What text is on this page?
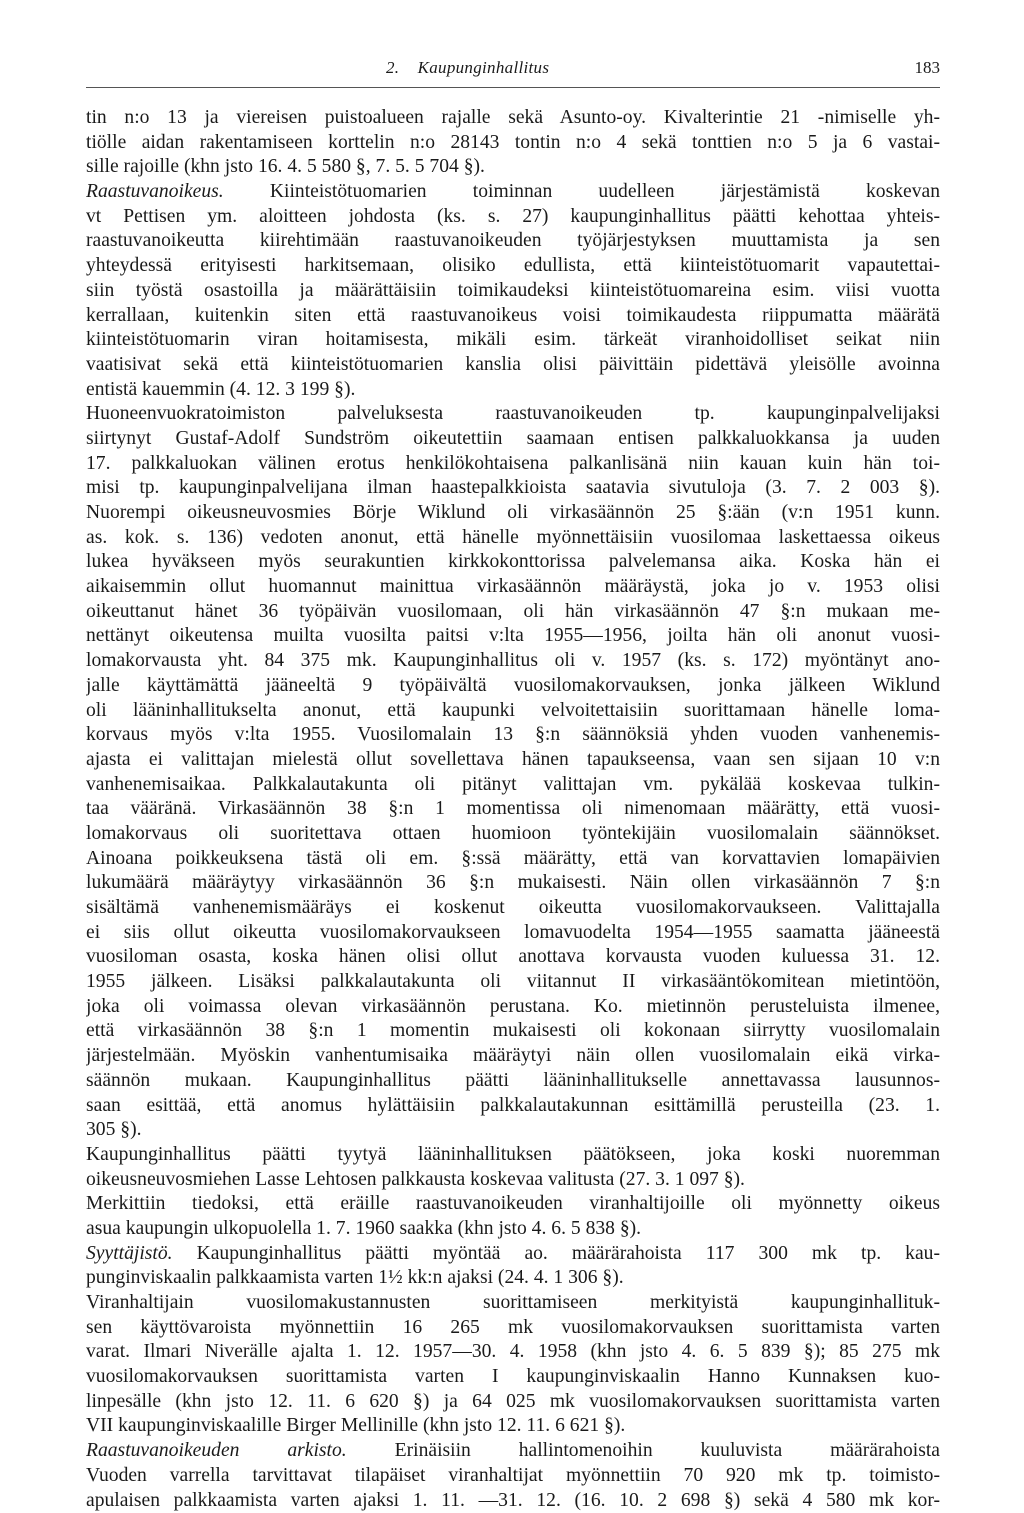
2. Kaupunginhallitus	183
tin n:o 13 ja viereisen puistoalueen rajalle sekä Asunto-oy. Kivalterintie 21 -nimiselle yh-
tiölle aidan rakentamiseen korttelin n:o 28143 tontin n:o 4 sekä tonttien n:o 5 ja 6 vastai-
sille rajoille (khn jsto 16. 4. 5 580 §, 7. 5. 5 704 §).
Raastuvanoikeus. Kiinteistötuomarien toiminnan uudelleen järjestämistä koskevan
vt Pettisen ym. aloitteen johdosta (ks. s. 27) kaupunginhallitus päätti kehottaa yhteis-
raastuvanoikeutta kiirehtimään raastuvanoikeuden työjärjestyksen muuttamista ja sen
yhteydessä erityisesti harkitsemaan, olisiko edullista, että kiinteistötuomarit vapautettai-
siin työstä osastoilla ja määrättäisiin toimikaudeksi kiinteistötuomareina esim. viisi vuotta
kerrallaan, kuitenkin siten että raastuvanoikeus voisi toimikaudesta riippumatta määrätä
kiinteistötuomarin viran hoitamisesta, mikäli esim. tärkeät viranhoidolliset seikat niin
vaatisivat sekä että kiinteistötuomarien kanslia olisi päivittäin pidettävä yleisölle avoinna
entistä kauemmin (4. 12. 3 199 §).
Huoneenvuokratoimiston palveluksesta raastuvanoikeuden tp. kaupunginpalvelijaksi
siirtynyt Gustaf-Adolf Sundström oikeutettiin saamaan entisen palkkaluokkansa ja uuden
17. palkkaluokan välinen erotus henkilökohtaisena palkanlisänä niin kauan kuin hän toi-
misi tp. kaupunginpalvelijana ilman haastepalkkioista saatavia sivutuloja (3. 7. 2 003 §).
Nuorempi oikeusneuvosmies Börje Wiklund oli virkasäännön 25 §:ään (v:n 1951 kunn.
as. kok. s. 136) vedoten anonut, että hänelle myönnettäisiin vuosilomaa laskettaessa oikeus
lukea hyväkseen myös seurakuntien kirkkokonttorissa palvelemansa aika. Koska hän ei
aikaisemmin ollut huomannut mainittua virkasäännön määräystä, joka jo v. 1953 olisi
oikeuttanut hänet 36 työpäivän vuosilomaan, oli hän virkasäännön 47 §:n mukaan me-
nettänyt oikeutensa muilta vuosilta paitsi v:lta 1955—1956, joilta hän oli anonut vuosi-
lomakorvausta yht. 84 375 mk. Kaupunginhallitus oli v. 1957 (ks. s. 172) myöntänyt ano-
jalle käyttämättä jääneeltä 9 työpäivältä vuosilomakorvauksen, jonka jälkeen Wiklund
oli lääninhallitukselta anonut, että kaupunki velvoitettaisiin suorittamaan hänelle loma-
korvaus myös v:lta 1955. Vuosilomalain 13 §:n säännöksiä yhden vuoden vanhenemis-
ajasta ei valittajan mielestä ollut sovellettava hänen tapaukseensa, vaan sen sijaan 10 v:n
vanhenemisaikaa. Palkkalautakunta oli pitänyt valittajan vm. pykälää koskevaa tulkin-
taa vääränä. Virkasäännön 38 §:n 1 momentissa oli nimenomaan määrätty, että vuosi-
lomakorvaus oli suoritettava ottaen huomioon työntekijäin vuosilomalain säännökset.
Ainoana poikkeuksena tästä oli em. §:ssä määrätty, että van korvattavien lomapäivien
lukumäärä määräytyy virkasäännön 36 §:n mukaisesti. Näin ollen virkasäännön 7 §:n
sisältämä vanhenemismääräys ei koskenut oikeutta vuosilomakorvaukseen. Valittajalla
ei siis ollut oikeutta vuosilomakorvaukseen lomavuodelta 1954—1955 saamatta jääneestä
vuosiloman osasta, koska hänen olisi ollut anottava korvausta vuoden kuluessa 31. 12.
1955 jälkeen. Lisäksi palkkalautakunta oli viitannut II virkasääntökomitean mietintöön,
joka oli voimassa olevan virkasäännön perustana. Ko. mietinnön perusteluista ilmenee,
että virkasäännön 38 §:n 1 momentin mukaisesti oli kokonaan siirrytty vuosilomalain
järjestelmään. Myöskin vanhentumisaika määräytyi näin ollen vuosilomalain eikä virka-
säännön mukaan. Kaupunginhallitus päätti lääninhallitukselle annettavassa lausunnos-
saan esittää, että anomus hylättäisiin palkkalautakunnan esittämillä perusteilla (23. 1.
305 §).
Kaupunginhallitus päätti tyytyä lääninhallituksen päätökseen, joka koski nuoremman
oikeusneuvosmiehen Lasse Lehtosen palkkausta koskevaa valitusta (27. 3. 1 097 §).
Merkittiin tiedoksi, että eräille raastuvanoikeuden viranhaltijoille oli myönnetty oikeus
asua kaupungin ulkopuolella 1. 7. 1960 saakka (khn jsto 4. 6. 5 838 §).
Syyttäjistö. Kaupunginhallitus päätti myöntää ao. määrärahoista 117 300 mk tp. kau-
punginviskaalin palkkaamista varten 1½ kk:n ajaksi (24. 4. 1 306 §).
Viranhaltijain vuosilomakustannusten suorittamiseen merkityistä kaupunginhallituk-
sen käyttövaroista myönnettiin 16 265 mk vuosilomakorvauksen suorittamista varten
varat. Ilmari Niverälle ajalta 1. 12. 1957—30. 4. 1958 (khn jsto 4. 6. 5 839 §); 85 275 mk
vuosilomakorvauksen suorittamista varten I kaupunginviskaalin Hanno Kunnaksen kuo-
linpesälle (khn jsto 12. 11. 6 620 §) ja 64 025 mk vuosilomakorvauksen suorittamista varten
VII kaupunginviskaalille Birger Mellinille (khn jsto 12. 11. 6 621 §).
Raastuvanoikeuden arkisto. Erinäisiin hallintomenoihin kuuluvista määrärahoista
Vuoden varrella tarvittavat tilapäiset viranhaltijat myönnettiin 70 920 mk tp. toimisto-
apulaisen palkkaamista varten ajaksi 1. 11. —31. 12. (16. 10. 2 698 §) sekä 4 580 mk kor-
